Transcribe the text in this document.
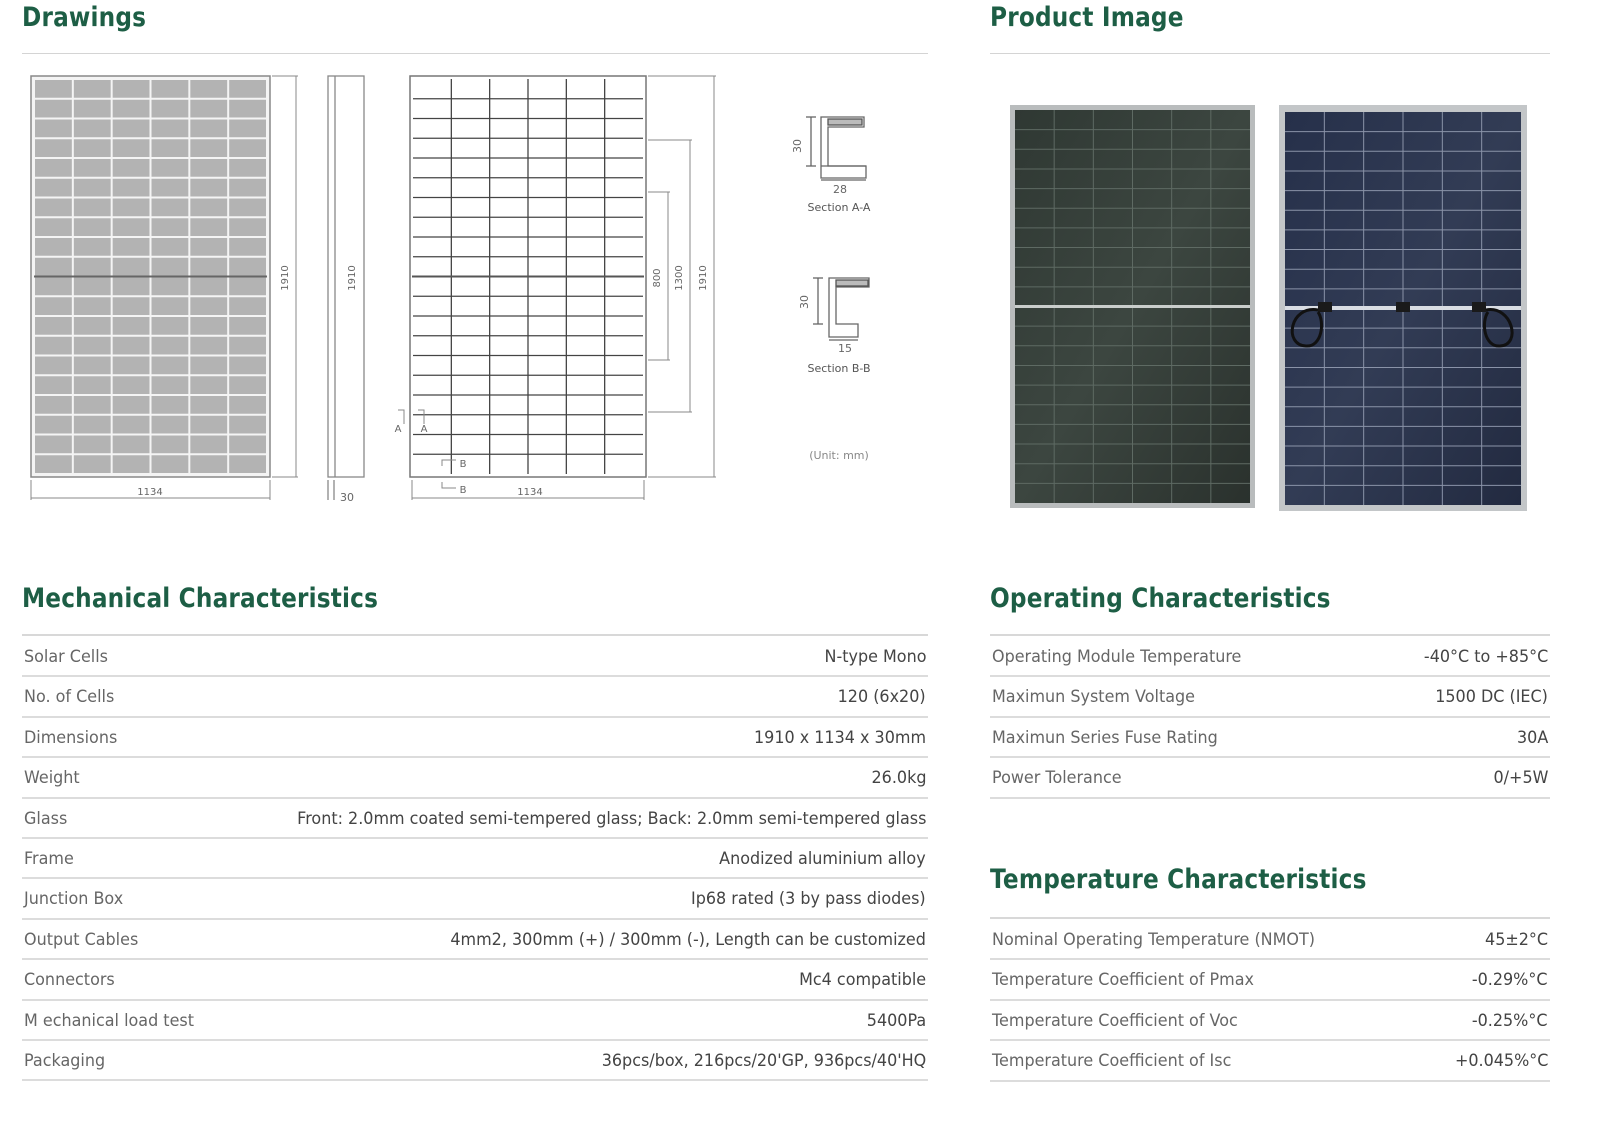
Drawings	Product Image
1910
1134
1910
30
1910
1300
800
1134
A A
B
B
30
28
Section A-A
30
15
Section B-B
(Unit: mm)
Mechanical Characteristics
Solar Cells	N-type Mono
No. of Cells	120 (6x20)
Dimensions	1910 x 1134 x 30mm
Weight	26.0kg
Glass	Front: 2.0mm coated semi-tempered glass; Back: 2.0mm semi-tempered glass
Frame	Anodized aluminium alloy
Junction Box	Ip68 rated (3 by pass diodes)
Output Cables	4mm2, 300mm (+) / 300mm (-), Length can be customized
Connectors	Mc4 compatible
M echanical load test	5400Pa
Packaging	36pcs/box, 216pcs/20'GP, 936pcs/40'HQ
Operating Characteristics
Operating Module Temperature	-40°C to +85°C
Maximun System Voltage	1500 DC (IEC)
Maximun Series Fuse Rating	30A
Power Tolerance	0/+5W
Temperature Characteristics
Nominal Operating Temperature (NMOT)	45±2°C
Temperature Coefficient of Pmax	-0.29%°C
Temperature Coefficient of Voc	-0.25%°C
Temperature Coefficient of Isc	+0.045%°C
